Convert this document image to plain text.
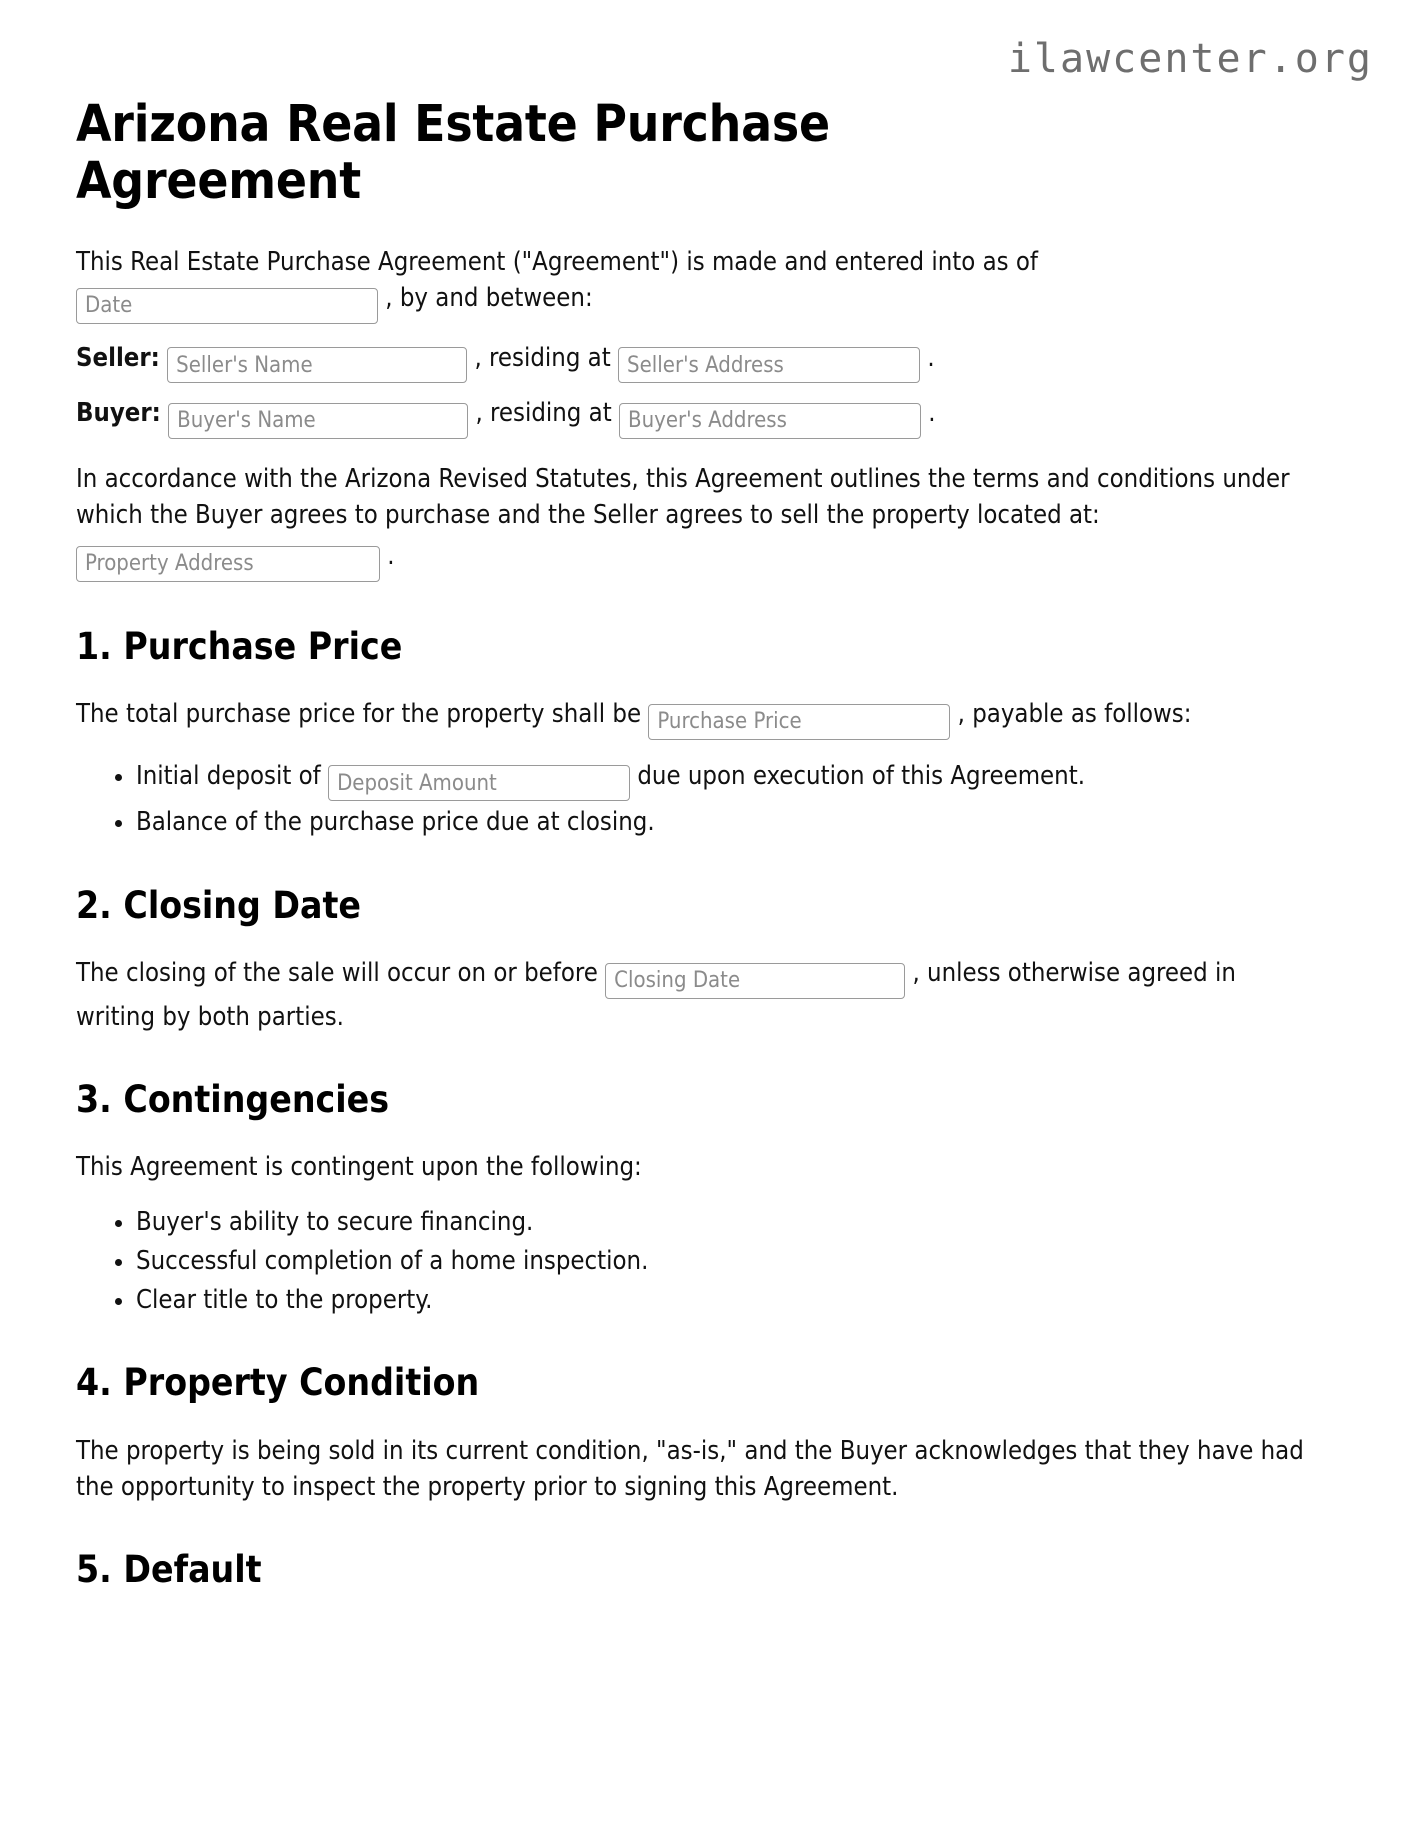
ilawcenter.org
Arizona Real Estate Purchase Agreement
This Real Estate Purchase Agreement ("Agreement") is made and entered into as of
Date , by and between:
Seller: Seller's Name	, residing at Seller's Address	.
Buyer: Buyer's Name	, residing at Buyer's Address	.

In accordance with the Arizona Revised Statutes, this Agreement outlines the terms and conditions under which the Buyer agrees to purchase and the Seller agrees to sell the property located at:

Property Address .
1. Purchase Price

The total purchase price for the property shall be Purchase Price	, payable as follows:

• Initial deposit of Deposit Amount	due upon execution of this Agreement.
• Balance of the purchase price due at closing.
2. Closing Date

The closing of the sale will occur on or before Closing Date	, unless otherwise agreed in writing by both parties.

3. Contingencies

This Agreement is contingent upon the following:

• Buyer's ability to secure financing.
• Successful completion of a home inspection.
• Clear title to the property.
4. Property Condition

The property is being sold in its current condition, "as-is," and the Buyer acknowledges that they have had the opportunity to inspect the property prior to signing this Agreement.

5. Default
